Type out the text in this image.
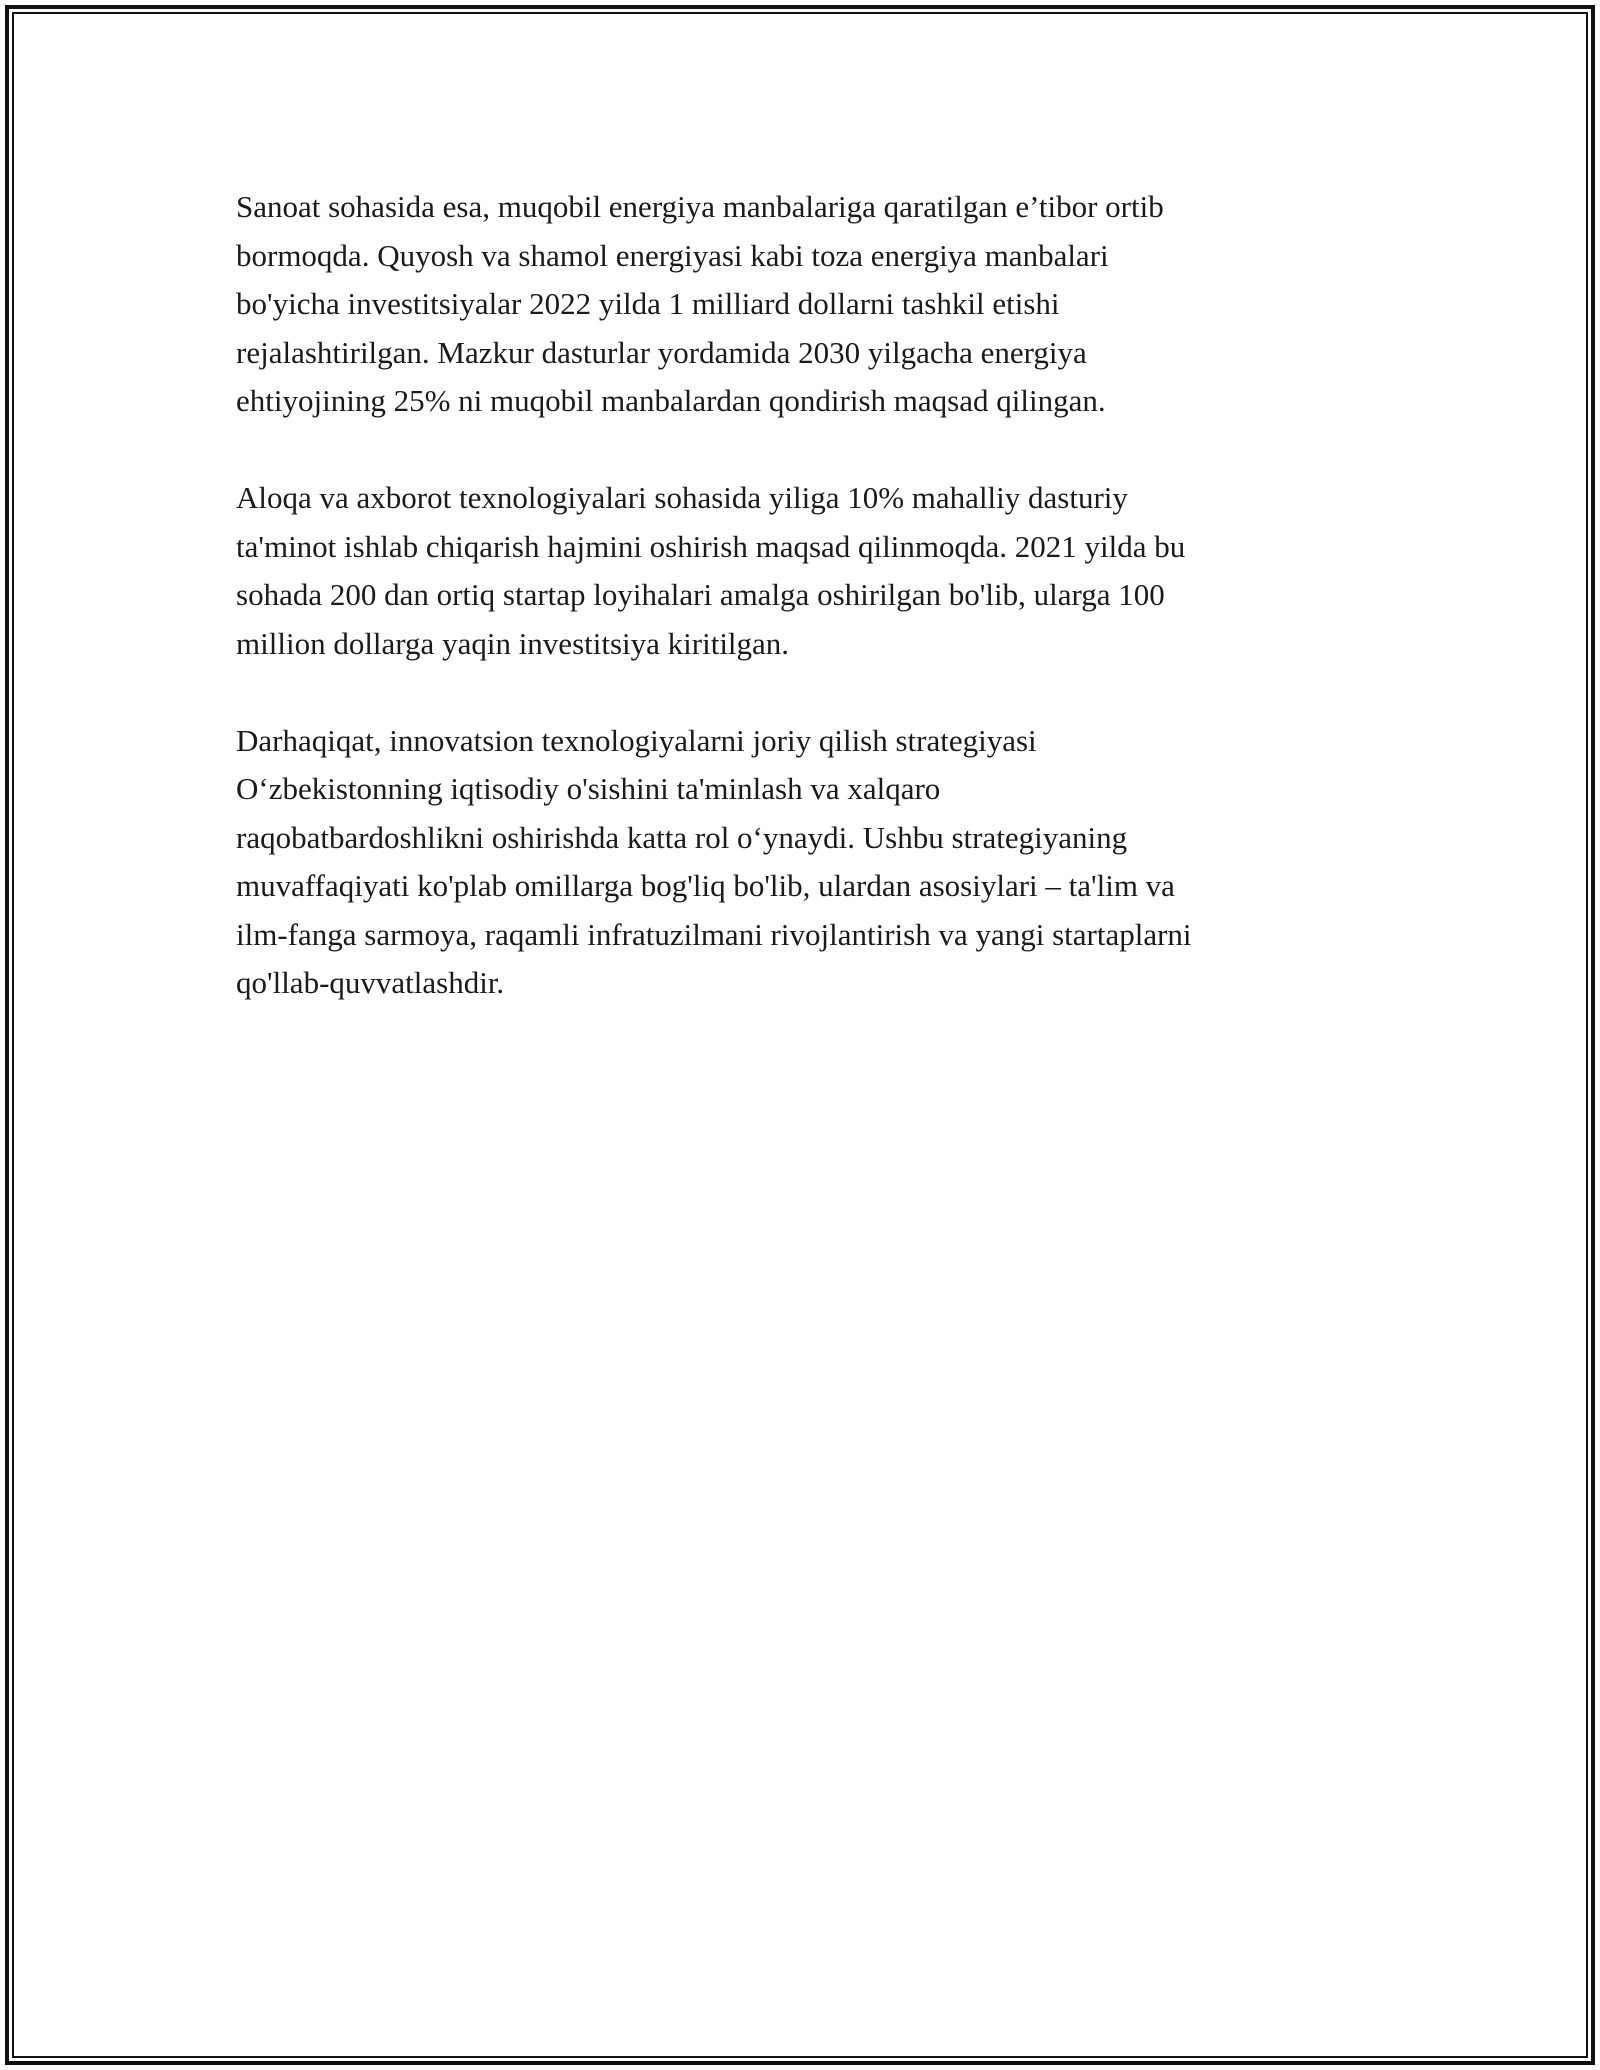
Sanoat sohasida esa, muqobil energiya manbalariga qaratilgan e’tibor ortib
bormoqda. Quyosh va shamol energiyasi kabi toza energiya manbalari
bo'yicha investitsiyalar 2022 yilda 1 milliard dollarni tashkil etishi
rejalashtirilgan. Mazkur dasturlar yordamida 2030 yilgacha energiya
ehtiyojining 25% ni muqobil manbalardan qondirish maqsad qilingan.

Aloqa va axborot texnologiyalari sohasida yiliga 10% mahalliy dasturiy
ta'minot ishlab chiqarish hajmini oshirish maqsad qilinmoqda. 2021 yilda bu
sohada 200 dan ortiq startap loyihalari amalga oshirilgan bo'lib, ularga 100
million dollarga yaqin investitsiya kiritilgan.

Darhaqiqat, innovatsion texnologiyalarni joriy qilish strategiyasi
O‘zbekistonning iqtisodiy o'sishini ta'minlash va xalqaro
raqobatbardoshlikni oshirishda katta rol o‘ynaydi. Ushbu strategiyaning
muvaffaqiyati ko'plab omillarga bog'liq bo'lib, ulardan asosiylari – ta'lim va
ilm-fanga sarmoya, raqamli infratuzilmani rivojlantirish va yangi startaplarni
qo'llab-quvvatlashdir.
